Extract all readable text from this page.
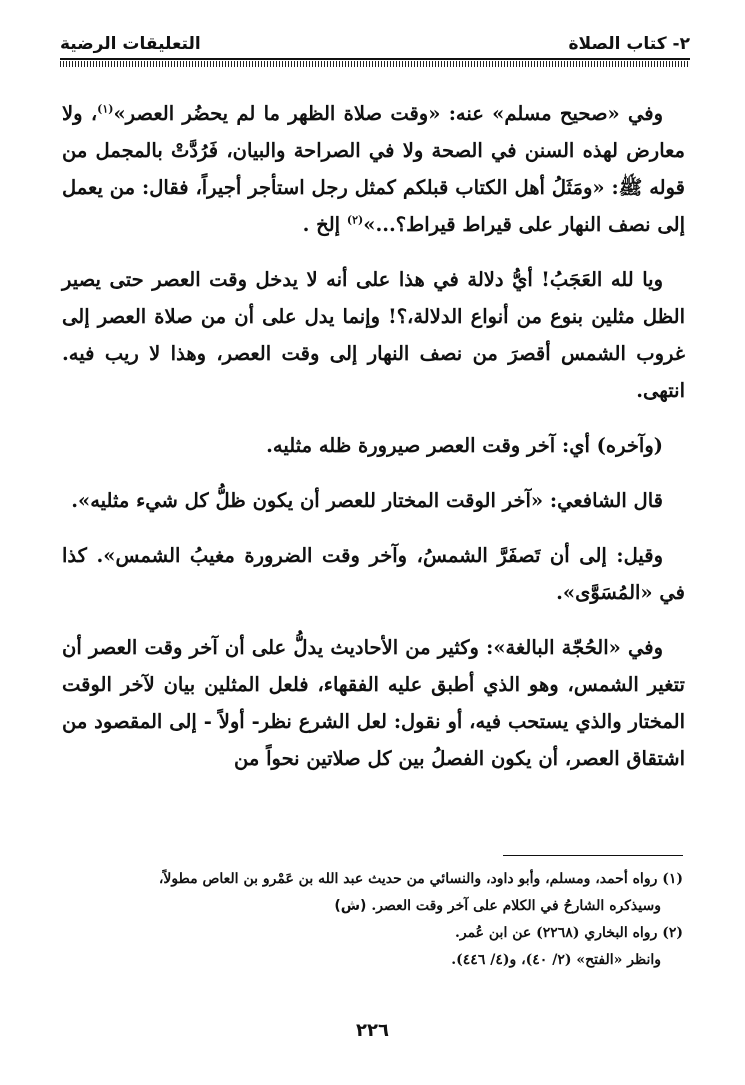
٢- كتاب الصلاة
التعليقات الرضية

وفي «صحيح مسلم» عنه: «وقت صلاة الظهر ما لم يحضُر العصر»$^{(١)}$، ولا معارض لهذه السنن في الصحة ولا في الصراحة والبيان، فَرُدَّتْ بالمجمل من قوله ﷺ: «ومَثَلُ أهل الكتاب قبلكم كمثل رجل استأجر أجيراً، فقال: من يعمل إلى نصف النهار على قيراط قيراط؟...»$^{(٢)}$ إلخ .

ويا لله العَجَبُ! أيُّ دلالة في هذا على أنه لا يدخل وقت العصر حتى يصير الظل مثلين بنوع من أنواع الدلالة،؟! وإنما يدل على أن من صلاة العصر إلى غروب الشمس أقصرَ من نصف النهار إلى وقت العصر، وهذا لا ريب فيه. انتهى.

(وآخره) أي: آخر وقت العصر صيرورة ظله مثليه.

قال الشافعي: «آخر الوقت المختار للعصر أن يكون ظلُّ كل شيء مثليه».

وقيل: إلى أن تَصفَرَّ الشمسُ، وآخر وقت الضرورة مغيبُ الشمس». كذا في «المُسَوَّى».

وفي «الحُجّة البالغة»: وكثير من الأحاديث يدلُّ على أن آخر وقت العصر أن تتغير الشمس، وهو الذي أطبق عليه الفقهاء، فلعل المثلين بيان لآخر الوقت المختار والذي يستحب فيه، أو نقول: لعل الشرع نظر- أولاً - إلى المقصود من اشتقاق العصر، أن يكون الفصلُ بين كل صلاتين نحواً من

(١) رواه أحمد، ومسلم، وأبو داود، والنسائي من حديث عبد الله بن عَمْرو بن العاص مطولاً،
وسيذكره الشارحُ في الكلام على آخر وقت العصر. (ش)
(٢) رواه البخاري (٢٢٦٨) عن ابن عُمر.
وانظر «الفتح» (٢/ ٤٠)، و(٤/ ٤٤٦).
٢٢٦
